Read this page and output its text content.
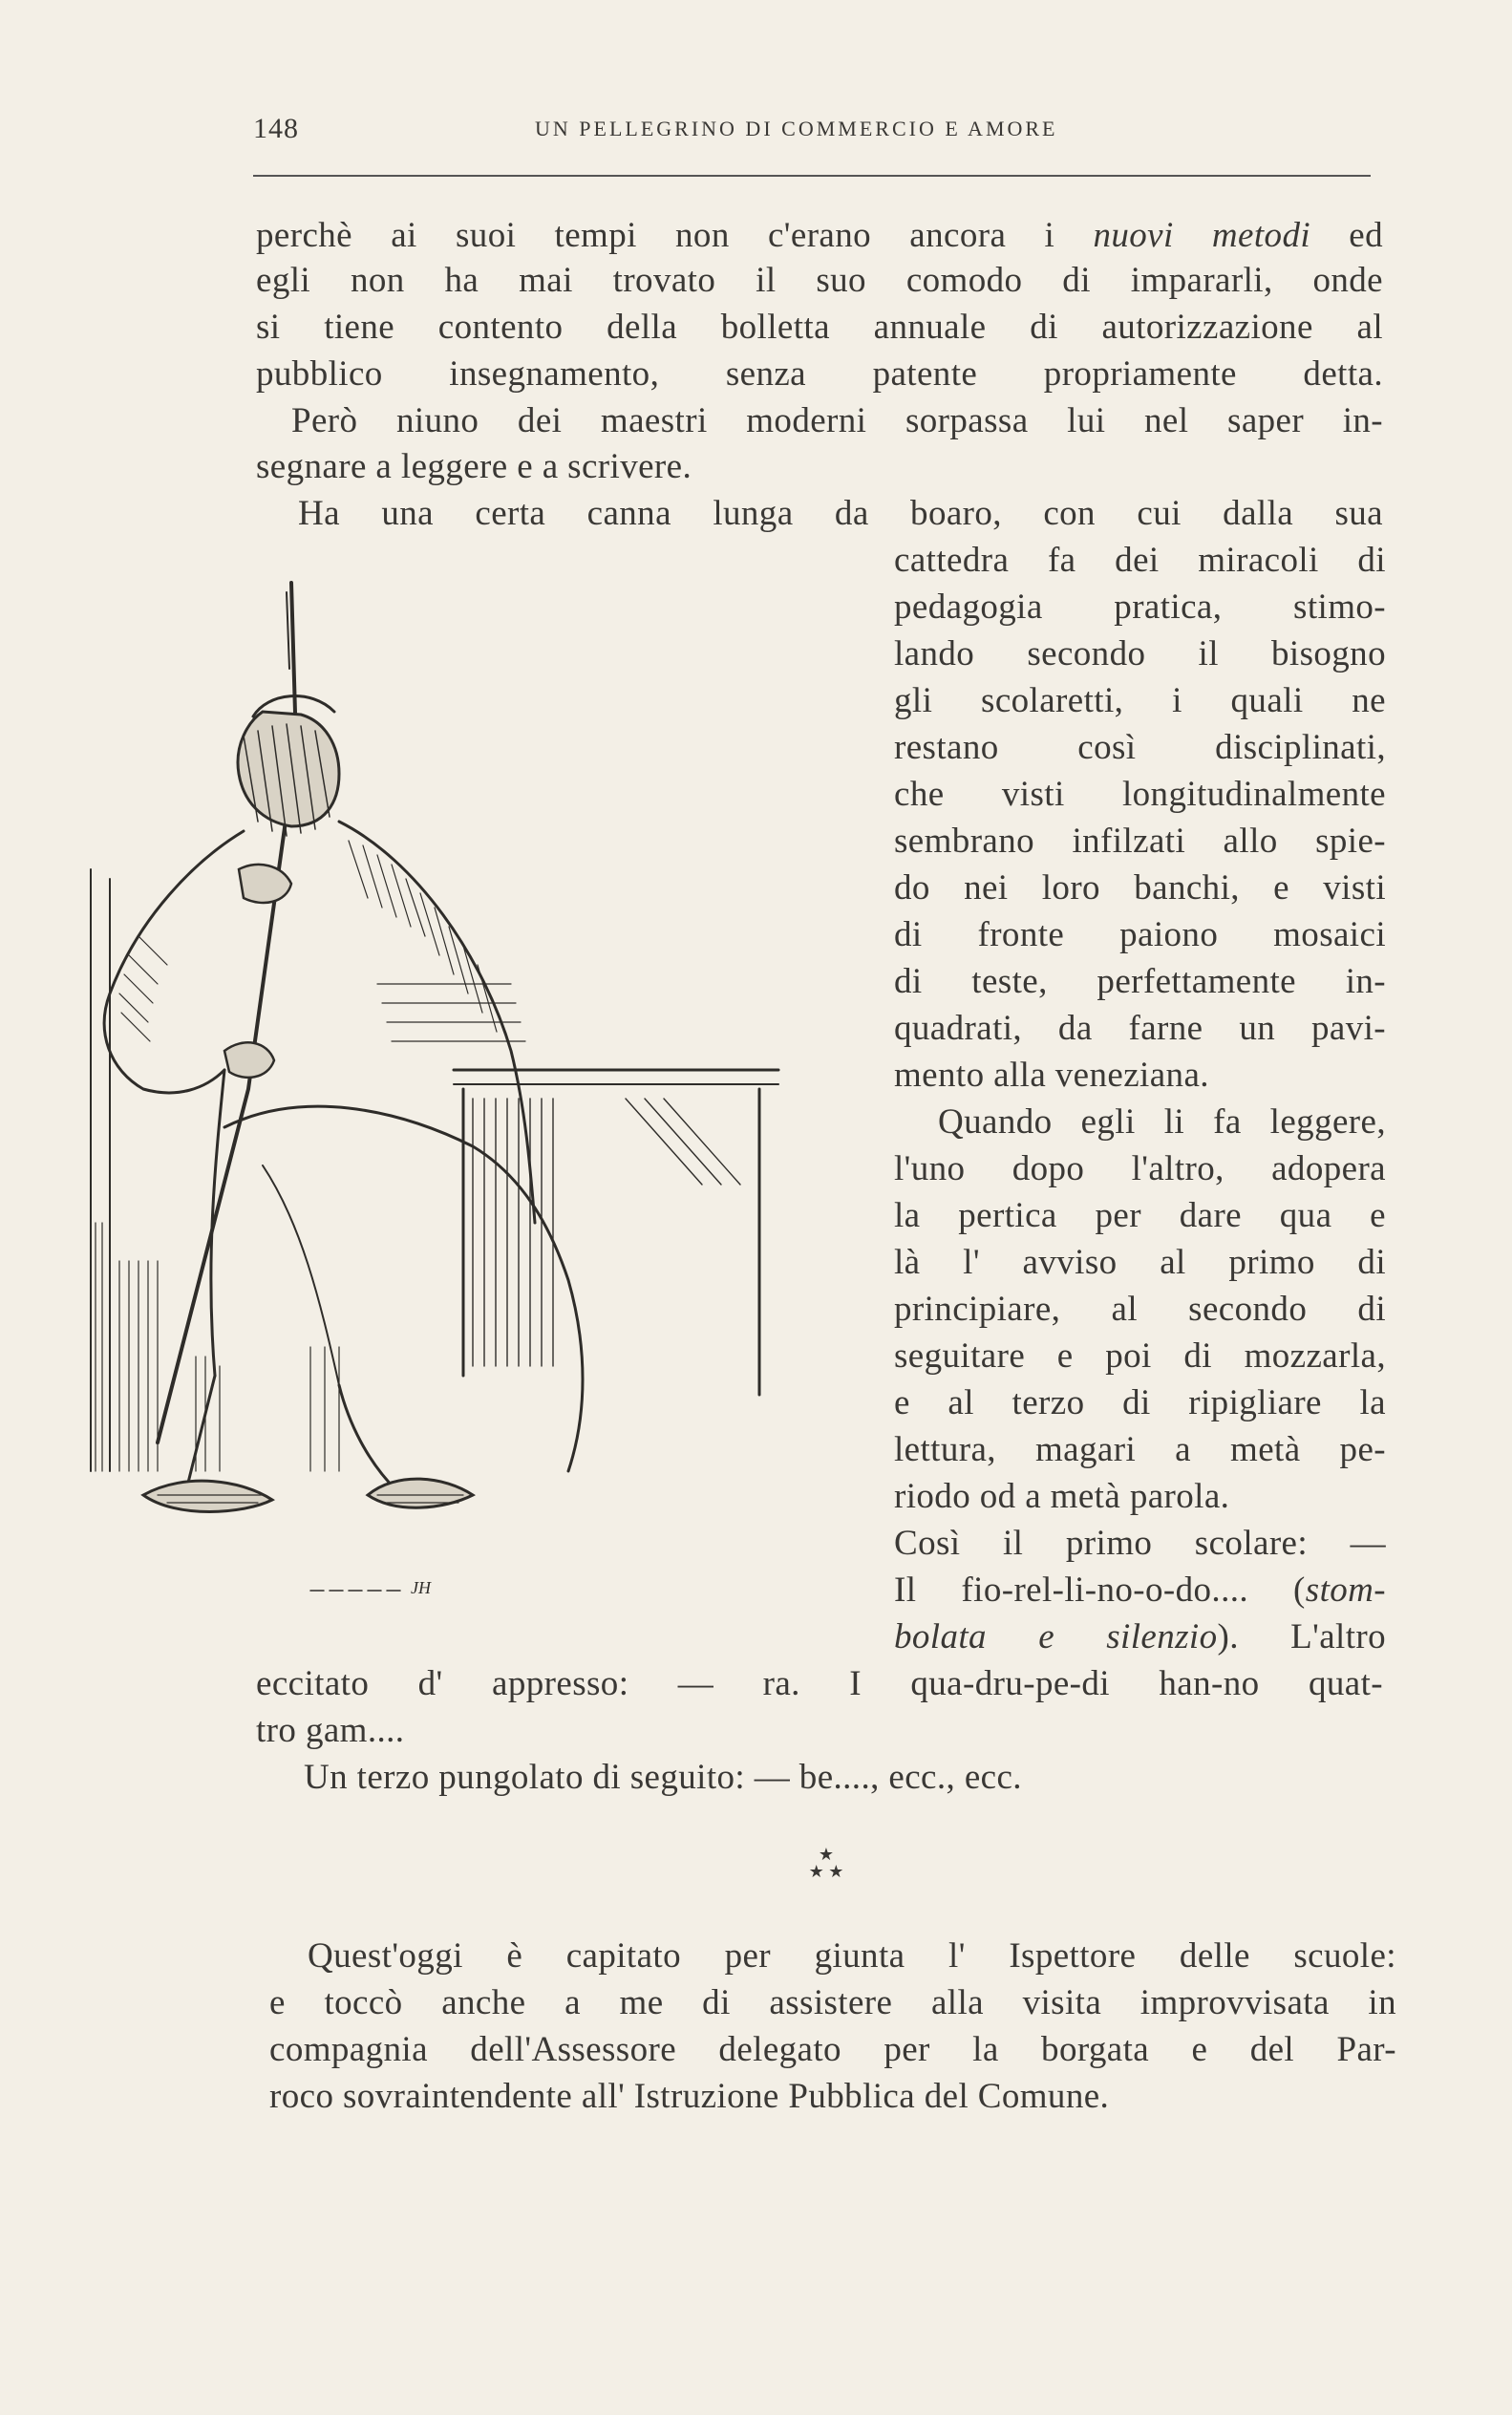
148	UN PELLEGRINO DI COMMERCIO E AMORE
perchè ai suoi tempi non c'erano ancora i nuovi metodi ed
egli non ha mai trovato il suo comodo di impararli, onde
si tiene contento della bolletta annuale di autorizzazione al
pubblico insegnamento, senza patente propriamente detta.
Però niuno dei maestri moderni sorpassa lui nel saper in-
segnare a leggere e a scrivere.
Ha una certa canna lunga da boaro, con cui dalla sua
cattedra fa dei miracoli di
pedagogia pratica, stimo-
lando secondo il bisogno
gli scolaretti, i quali ne
restano così disciplinati,
che visti longitudinalmente
sembrano infilzati allo spie-
do nei loro banchi, e visti
di fronte paiono mosaici
di teste, perfettamente in-
quadrati, da farne un pavi-
mento alla veneziana.
Quando egli li fa leggere,
l'uno dopo l'altro, adopera
la pertica per dare qua e
là l' avviso al primo di
principiare, al secondo di
seguitare e poi di mozzarla,
e al terzo di ripigliare la
lettura, magari a metà pe-
riodo od a metà parola.
Così il primo scolare: —
Il fio-rel-li-no-o-do.... (stom-
bolata e silenzio). L'altro
eccitato d' appresso: — ra. I qua-dru-pe-di han-no quat-
tro gam....
Un terzo pungolato di seguito: — be...., ecc., ecc.
★
★ ★
Quest'oggi è capitato per giunta l' Ispettore delle scuole:
e toccò anche a me di assistere alla visita improvvisata in
compagnia dell'Assessore delegato per la borgata e del Par-
roco sovraintendente all' Istruzione Pubblica del Comune.
JH
